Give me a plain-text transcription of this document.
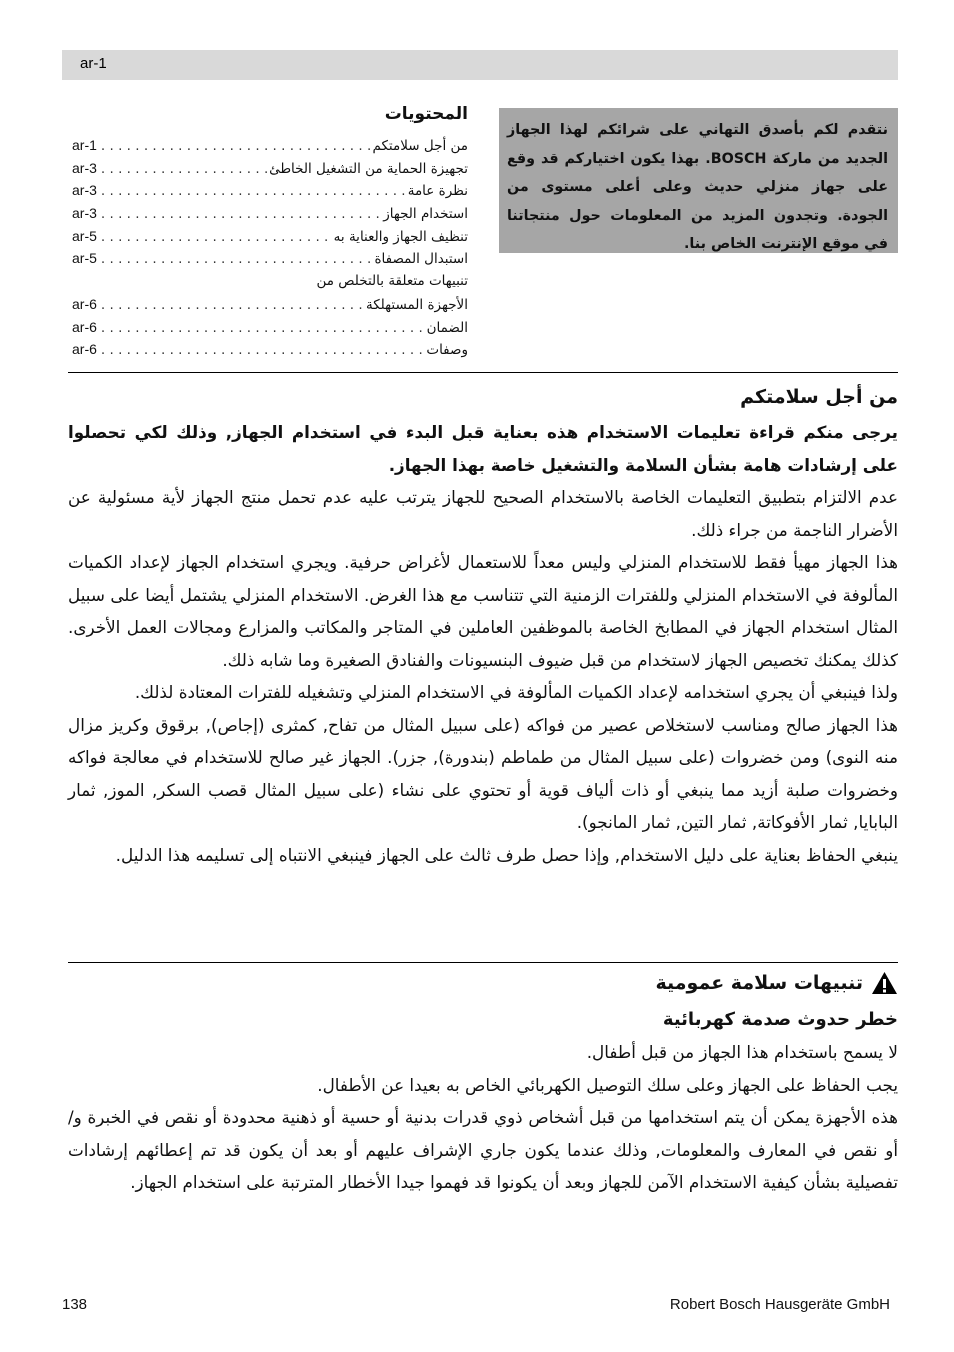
ar-1
المحتويات
من أجل سلامتكم
. . .
ar-1
تجهيزة الحماية من التشغيل الخاطئ
. . .
ar-3
نظرة عامة
. . .
ar-3
استخدام الجهاز
. . .
ar-3
تنظيف الجهاز والعناية به
. . .
ar-5
استبدال المصفاة
. . .
ar-5
تنبيهات متعلقة بالتخلص من
الأجهزة المستهلكة
. . .
ar-6
الضمان
. . .
ar-6
وصفات
. . .
ar-6
نتقدم لكم بأصدق التهاني على شرائكم لهذا الجهاز الجديد من ماركة BOSCH. بهذا يكون اختياركم قد وقع على جهاز منزلي حديث وعلى أعلى مستوى من الجودة. وتجدون المزيد من المعلومات حول منتجاتنا في موقع الإنترنت الخاص بنا.

من أجل سلامتكم

يرجى منكم قراءة تعليمات الاستخدام هذه بعناية قبل البدء في استخدام الجهاز, وذلك لكي تحصلوا على إرشادات هامة بشأن السلامة والتشغيل خاصة بهذا الجهاز.

عدم الالتزام بتطبيق التعليمات الخاصة بالاستخدام الصحيح للجهاز يترتب عليه عدم تحمل منتج الجهاز لأية مسئولية عن الأضرار الناجمة من جراء ذلك.

هذا الجهاز مهيأ فقط للاستخدام المنزلي وليس معداً للاستعمال لأغراض حرفية. ويجري استخدام الجهاز لإعداد الكميات المألوفة في الاستخدام المنزلي وللفترات الزمنية التي تتناسب مع هذا الغرض. الاستخدام المنزلي يشتمل أيضا على سبيل المثال استخدام الجهاز في المطابخ الخاصة بالموظفين العاملين في المتاجر والمكاتب والمزارع ومجالات العمل الأخرى. كذلك يمكنك تخصيص الجهاز لاستخدام من قبل ضيوف البنسيونات والفنادق الصغيرة وما شابه ذلك.

ولذا فينبغي أن يجري استخدامه لإعداد الكميات المألوفة في الاستخدام المنزلي وتشغيله للفترات المعتادة لذلك.

هذا الجهاز صالح ومناسب لاستخلاص عصير من فواكه (على سبيل المثال من تفاح, كمثرى (إجاص), برقوق وكريز مزال منه النوى) ومن خضروات (على سبيل المثال من طماطم (بندورة), جزر). الجهاز غير صالح للاستخدام في معالجة فواكه وخضروات صلبة أزيد مما ينبغي أو ذات ألياف قوية أو تحتوي على نشاء (على سبيل المثال قصب السكر, الموز, ثمار البابايا, ثمار الأفوكاتة, ثمار التين, ثمار المانجو).

ينبغي الحفاظ بعناية على دليل الاستخدام, وإذا حصل طرف ثالث على الجهاز فينبغي الانتباه إلى تسليمه هذا الدليل.

تنبيهات سلامة عمومية

خطر حدوث صدمة كهربائية

لا يسمح باستخدام هذا الجهاز من قبل أطفال.

يجب الحفاظ على الجهاز وعلى سلك التوصيل الكهربائي الخاص به بعيدا عن الأطفال.

هذه الأجهزة يمكن أن يتم استخدامها من قبل أشخاص ذوي قدرات بدنية أو حسية أو ذهنية محدودة أو نقص في الخبرة و/أو نقص في المعارف والمعلومات, وذلك عندما يكون جاري الإشراف عليهم أو بعد أن يكون قد تم إعطائهم إرشادات تفصيلية بشأن كيفية الاستخدام الآمن للجهاز وبعد أن يكونوا قد فهموا جيدا الأخطار المترتبة على استخدام الجهاز.

138	Robert Bosch Hausgeräte GmbH
